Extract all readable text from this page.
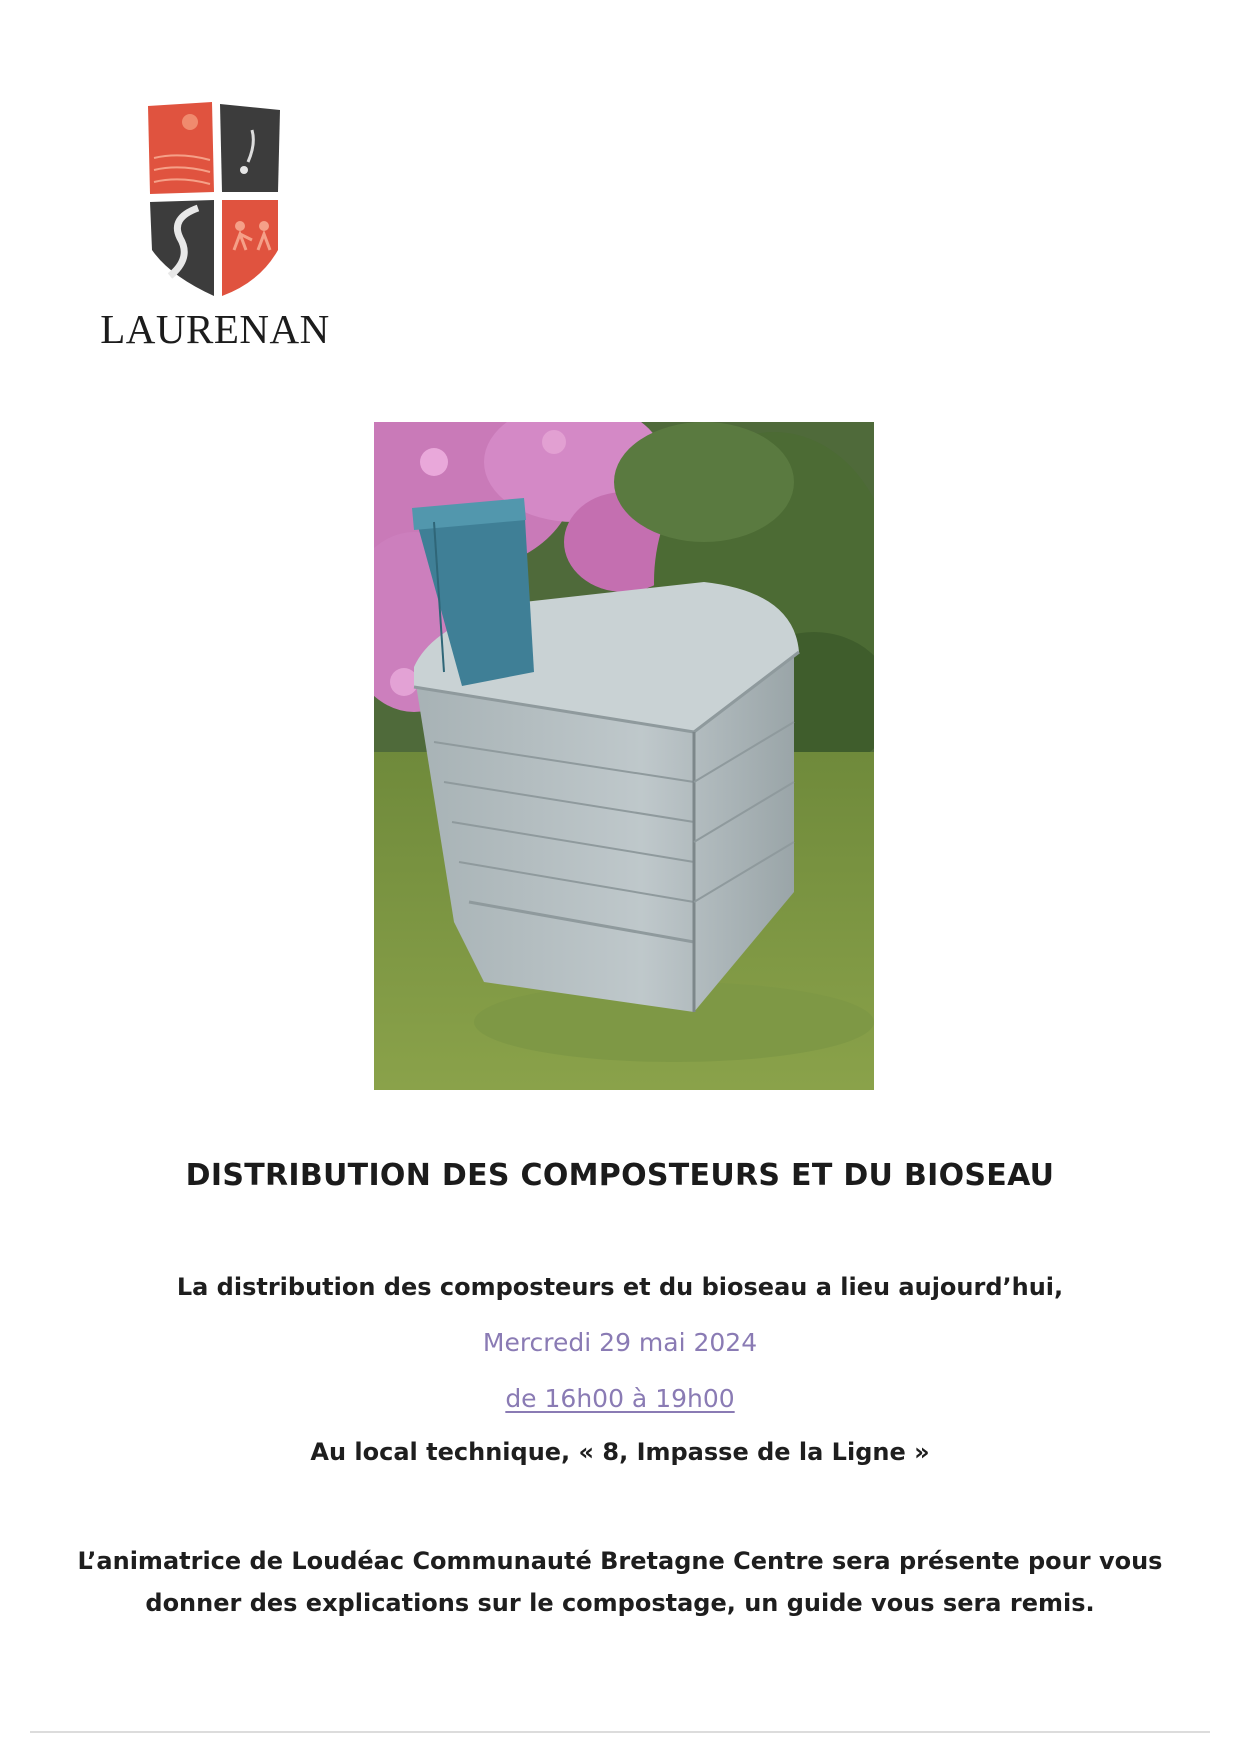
LAURENAN
DISTRIBUTION DES COMPOSTEURS ET DU BIOSEAU
La distribution des composteurs et du bioseau a lieu aujourd’hui,
Mercredi 29 mai 2024
de 16h00 à 19h00
Au local technique, « 8, Impasse de la Ligne »
L’animatrice de Loudéac Communauté Bretagne Centre sera présente pour vous donner des explications sur le compostage, un guide vous sera remis.
